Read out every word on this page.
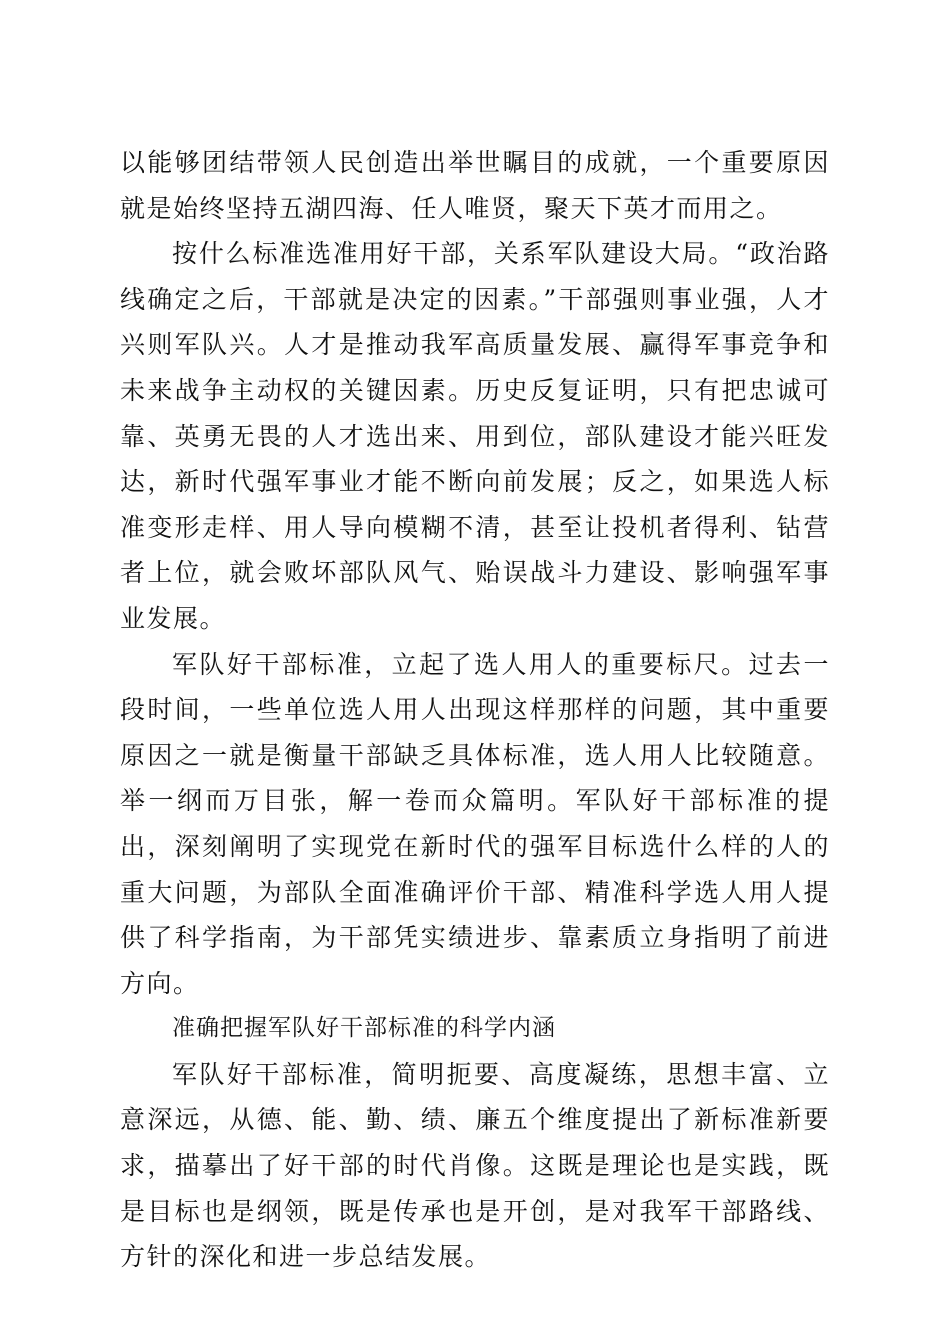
以能够团结带领人民创造出举世瞩目的成就，一个重要原因就是始终坚持五湖四海、任人唯贤，聚天下英才而用之。

按什么标准选准用好干部，关系军队建设大局。“政治路线确定之后，干部就是决定的因素。”干部强则事业强，人才兴则军队兴。人才是推动我军高质量发展、赢得军事竞争和未来战争主动权的关键因素。历史反复证明，只有把忠诚可靠、英勇无畏的人才选出来、用到位，部队建设才能兴旺发达，新时代强军事业才能不断向前发展；反之，如果选人标准变形走样、用人导向模糊不清，甚至让投机者得利、钻营者上位，就会败坏部队风气、贻误战斗力建设、影响强军事业发展。

军队好干部标准，立起了选人用人的重要标尺。过去一段时间，一些单位选人用人出现这样那样的问题，其中重要原因之一就是衡量干部缺乏具体标准，选人用人比较随意。举一纲而万目张，解一卷而众篇明。军队好干部标准的提出，深刻阐明了实现党在新时代的强军目标选什么样的人的重大问题，为部队全面准确评价干部、精准科学选人用人提供了科学指南，为干部凭实绩进步、靠素质立身指明了前进方向。

准确把握军队好干部标准的科学内涵

军队好干部标准，简明扼要、高度凝练，思想丰富、立意深远，从德、能、勤、绩、廉五个维度提出了新标准新要求，描摹出了好干部的时代肖像。这既是理论也是实践，既是目标也是纲领，既是传承也是开创，是对我军干部路线、方针的深化和进一步总结发展。
